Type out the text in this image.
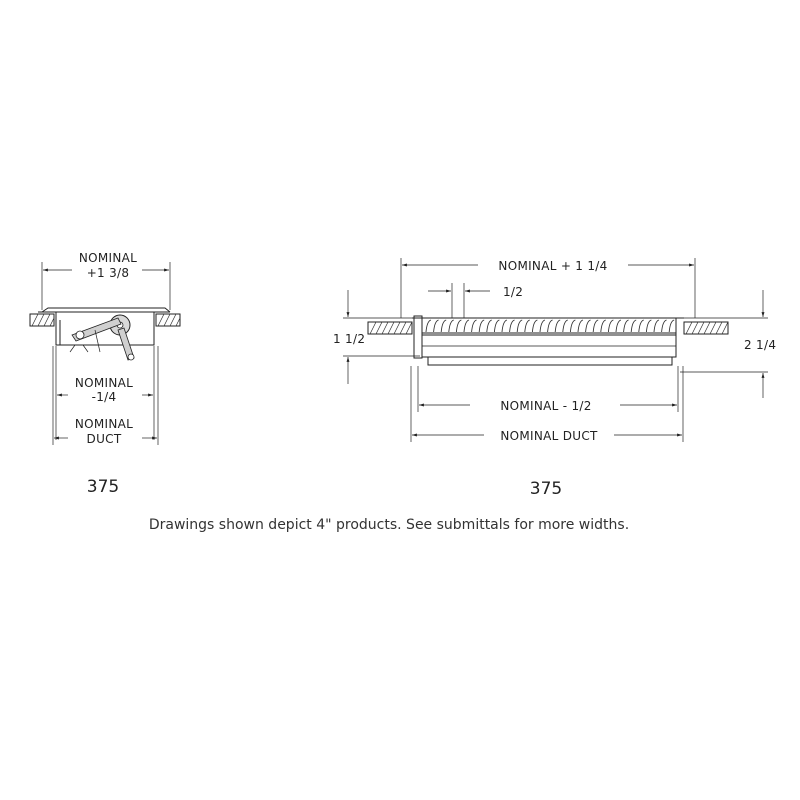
NOMINAL
+1 3/8
NOMINAL
-1/4
NOMINAL
DUCT
375
NOMINAL + 1 1/4
1/2
1 1/2	2 1/4
NOMINAL - 1/2
NOMINAL DUCT
375
Drawings shown depict 4" products. See submittals for more widths.
